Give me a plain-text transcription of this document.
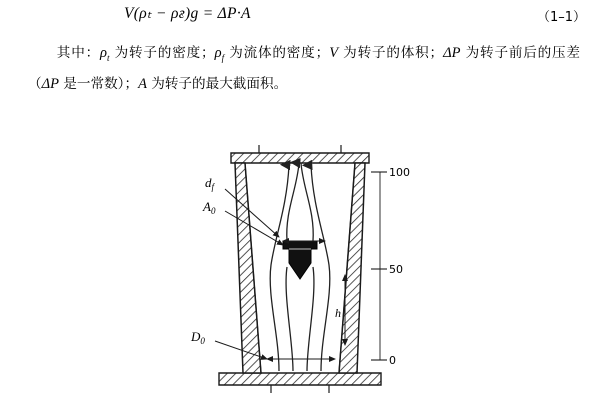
V(ρₜ − ρғ)g = ΔP·A	（1–1）
其中：$\rho_t$ 为转子的密度；$\rho_f$ 为流体的密度；V 为转子的体积；ΔP 为转子前后的压差（ΔP 是一常数）；A 为转子的最大截面积。
100
50
0
h
$d_f$
$A_0$
$D_0$
